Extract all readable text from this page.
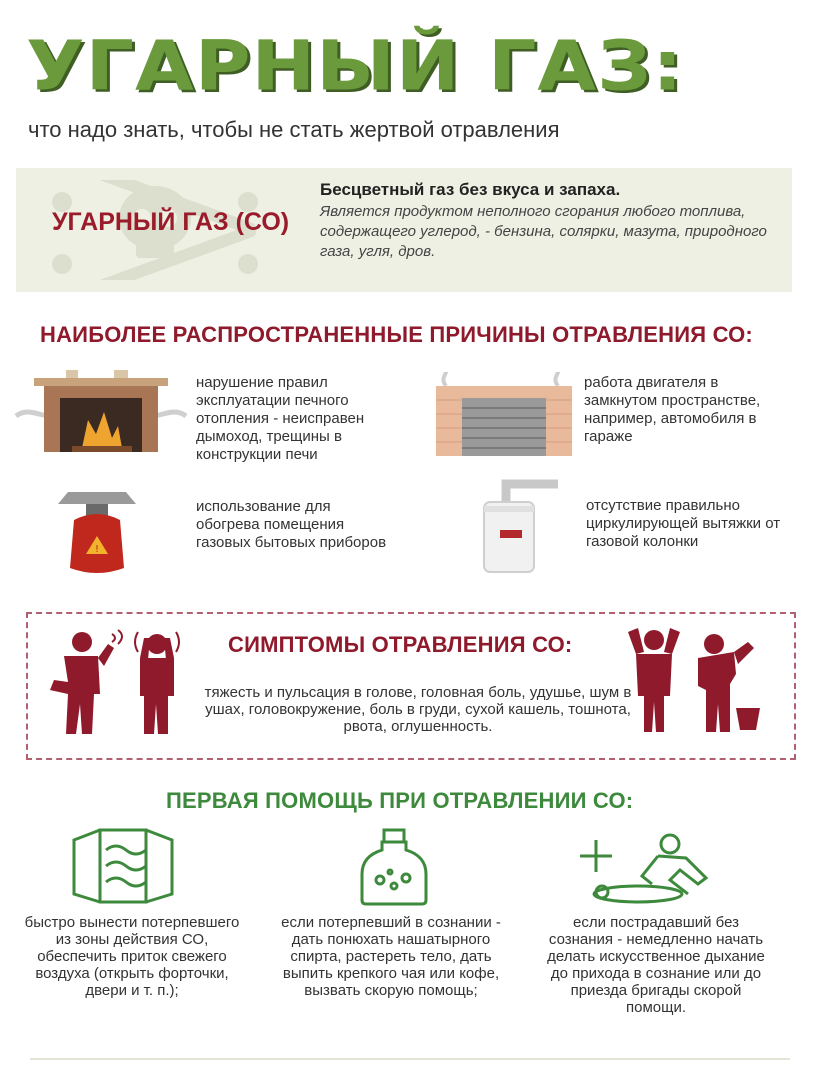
УГАРНЫЙ ГАЗ:
что надо знать, чтобы не стать жертвой отравления
УГАРНЫЙ ГАЗ (СО)
Бесцветный газ без вкуса и запаха.
Является продуктом неполного сгорания любого топлива, содержащего углерод, - бензина, солярки, мазута, природного газа, угля, дров.
НАИБОЛЕЕ РАСПРОСТРАНЕННЫЕ ПРИЧИНЫ ОТРАВЛЕНИЯ СО:
нарушение правил эксплуатации печного отопления - неисправен дымоход, трещины в конструкции печи
работа двигателя в замкнутом пространстве, например, автомобиля в гараже
!
использование для обогрева помещения газовых бытовых приборов
отсутствие правильно циркулирующей вытяжки от газовой колонки
СИМПТОМЫ ОТРАВЛЕНИЯ СО:
тяжесть и пульсация в голове, головная боль, удушье, шум в ушах, головокружение, боль в груди, сухой кашель, тошнота, рвота, оглушенность.
ПЕРВАЯ ПОМОЩЬ ПРИ ОТРАВЛЕНИИ СО:
быстро вынести потерпевшего из зоны действия СО, обеспечить приток свежего воздуха (открыть форточки, двери и т. п.);
если потерпевший в сознании - дать понюхать нашатырного спирта, растереть тело, дать выпить крепкого чая или кофе, вызвать скорую помощь;
если пострадавший без сознания - немедленно начать делать искусственное дыхание до прихода в сознание или до приезда бригады скорой помощи.
